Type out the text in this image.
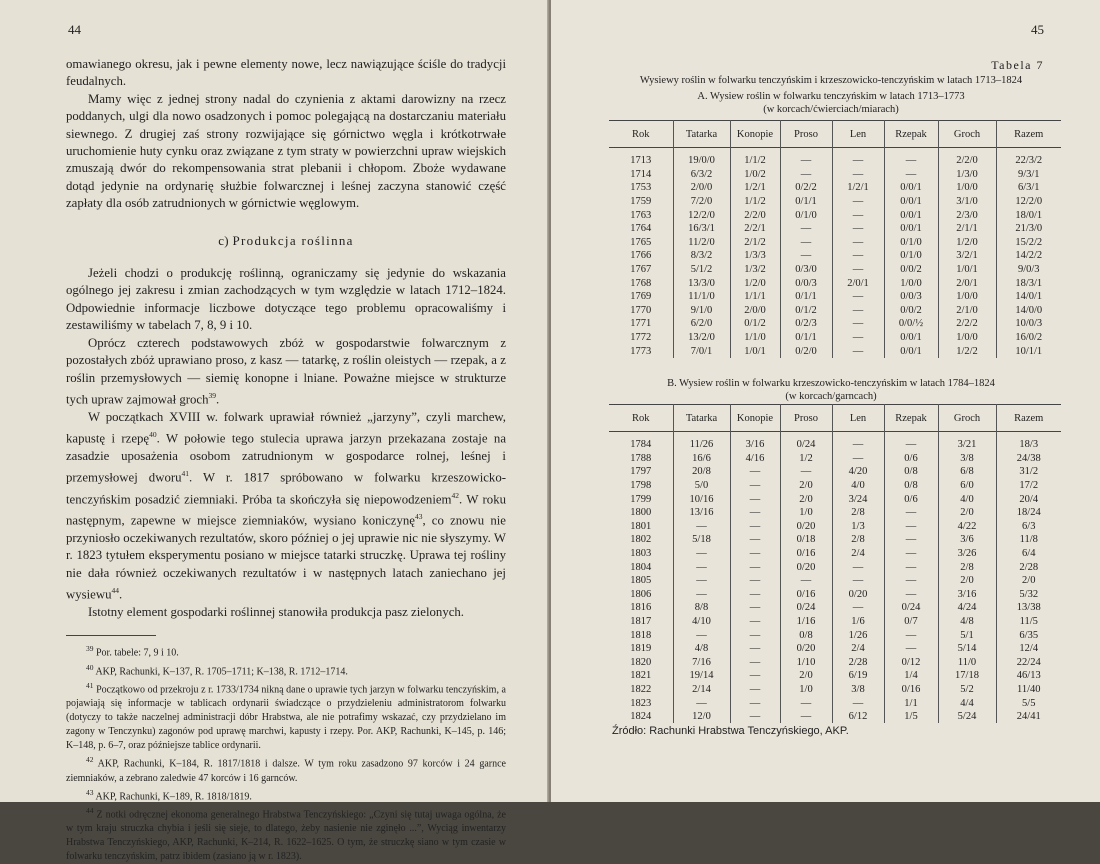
44

omawianego okresu, jak i pewne elementy nowe, lecz nawiązujące ściśle do tradycji feudalnych.

Mamy więc z jednej strony nadal do czynienia z aktami darowizny na rzecz poddanych, ulgi dla nowo osadzonych i pomoc polegającą na dostarczaniu materiału siewnego. Z drugiej zaś strony rozwijające się górnictwo węgla i krótkotrwałe uruchomienie huty cynku oraz związane z tym straty w powierzchni upraw wiejskich zmuszają dwór do rekompensowania strat plebanii i chłopom. Zboże wydawane dotąd jedynie na ordynarię służbie folwarcznej i leśnej zaczyna stanowić część zapłaty dla osób zatrudnionych w górnictwie węglowym.

c) Produkcja roślinna

Jeżeli chodzi o produkcję roślinną, ograniczamy się jedynie do wskazania ogólnego jej zakresu i zmian zachodzących w tym względzie w latach 1712–1824. Odpowiednie informacje liczbowe dotyczące tego problemu opracowaliśmy i zestawiliśmy w tabelach 7, 8, 9 i 10.

Oprócz czterech podstawowych zbóż w gospodarstwie folwarcznym z pozostałych zbóż uprawiano proso, z kasz — tatarkę, z roślin oleistych — rzepak, a z roślin przemysłowych — siemię konopne i lniane. Poważne miejsce w strukturze tych upraw zajmował groch$^{39}$.

W początkach XVIII w. folwark uprawiał również „jarzyny”, czyli marchew, kapustę i rzepę$^{40}$. W połowie tego stulecia uprawa jarzyn przekazana zostaje na zasadzie uposażenia osobom zatrudnionym w gospodarce rolnej, leśnej i przemysłowej dworu$^{41}$. W r. 1817 spróbowano w folwarku krzeszowicko-tenczyńskim posadzić ziemniaki. Próba ta skończyła się niepowodzeniem$^{42}$. W roku następnym, zapewne w miejsce ziemniaków, wysiano koniczynę$^{43}$, co znowu nie przyniosło oczekiwanych rezultatów, skoro później o jej uprawie nic nie słyszymy. W r. 1823 tytułem eksperymentu posiano w miejsce tatarki struczkę. Uprawa tej rośliny nie dała również oczekiwanych rezultatów i w następnych latach zaniechano jej wysiewu$^{44}$.

Istotny element gospodarki roślinnej stanowiła produkcja pasz zielonych.

$^{39}$ Por. tabele: 7, 9 i 10.
$^{40}$ AKP, Rachunki, K–137, R. 1705–1711; K–138, R. 1712–1714.
$^{41}$ Początkowo od przekroju z r. 1733/1734 nikną dane o uprawie tych jarzyn w folwarku tenczyńskim, a pojawiają się informacje w tablicach ordynarii świadczące o przydzieleniu administratorom folwarku (dotyczy to także naczelnej administracji dóbr Hrabstwa, ale nie potrafimy wskazać, czy przydzielano im zagony w Tenczynku) zagonów pod uprawę marchwi, kapusty i rzepy. Por. AKP, Rachunki, K–145, p. 146; K–148, p. 6–7, oraz późniejsze tablice ordynarii.
$^{42}$ AKP, Rachunki, K–184, R. 1817/1818 i dalsze. W tym roku zasadzono 97 korców i 24 garnce ziemniaków, a zebrano zaledwie 47 korców i 16 garnców.
$^{43}$ AKP, Rachunki, K–189, R. 1818/1819.
$^{44}$ Z notki odręcznej ekonoma generalnego Hrabstwa Tenczyńskiego: „Czyni się tutaj uwaga ogólna, że w tym kraju struczka chybia i jeśli się sieje, to dlatego, żeby nasienie nie zginęło ...”, Wyciąg inwentarzy Hrabstwa Tenczyńskiego, AKP, Rachunki, K–214, R. 1622–1625. O tym, że struczkę siano w tym czasie w folwarku tenczyńskim, patrz ibidem (zasiano ją w r. 1823).
45
Tabela 7
Wysiewy roślin w folwarku tenczyńskim i krzeszowicko-tenczyńskim w latach 1713–1824
A. Wysiew roślin w folwarku tenczyńskim w latach 1713–1773
(w korcach/ćwierciach/miarach)
Rok	Tatarka	Konopie	Proso	Len	Rzepak	Groch	Razem
1713	19/0/0	1/1/2	—	—	—	2/2/0	22/3/2
1714	6/3/2	1/0/2	—	—	—	1/3/0	9/3/1
1753	2/0/0	1/2/1	0/2/2	1/2/1	0/0/1	1/0/0	6/3/1
1759	7/2/0	1/1/2	0/1/1	—	0/0/1	3/1/0	12/2/0
1763	12/2/0	2/2/0	0/1/0	—	0/0/1	2/3/0	18/0/1
1764	16/3/1	2/2/1	—	—	0/0/1	2/1/1	21/3/0
1765	11/2/0	2/1/2	—	—	0/1/0	1/2/0	15/2/2
1766	8/3/2	1/3/3	—	—	0/1/0	3/2/1	14/2/2
1767	5/1/2	1/3/2	0/3/0	—	0/0/2	1/0/1	9/0/3
1768	13/3/0	1/2/0	0/0/3	2/0/1	1/0/0	2/0/1	18/3/1
1769	11/1/0	1/1/1	0/1/1	—	0/0/3	1/0/0	14/0/1
1770	9/1/0	2/0/0	0/1/2	—	0/0/2	2/1/0	14/0/0
1771	6/2/0	0/1/2	0/2/3	—	0/0/½	2/2/2	10/0/3
1772	13/2/0	1/1/0	0/1/1	—	0/0/1	1/0/0	16/0/2
1773	7/0/1	1/0/1	0/2/0	—	0/0/1	1/2/2	10/1/1
B. Wysiew roślin w folwarku krzeszowicko-tenczyńskim w latach 1784–1824
(w korcach/garncach)
Rok	Tatarka	Konopie	Proso	Len	Rzepak	Groch	Razem
1784	11/26	3/16	0/24	—	—	3/21	18/3
1788	16/6	4/16	1/2	—	0/6	3/8	24/38
1797	20/8	—	—	4/20	0/8	6/8	31/2
1798	5/0	—	2/0	4/0	0/8	6/0	17/2
1799	10/16	—	2/0	3/24	0/6	4/0	20/4
1800	13/16	—	1/0	2/8	—	2/0	18/24
1801	—	—	0/20	1/3	—	4/22	6/3
1802	5/18	—	0/18	2/8	—	3/6	11/8
1803	—	—	0/16	2/4	—	3/26	6/4
1804	—	—	0/20	—	—	2/8	2/28
1805	—	—	—	—	—	2/0	2/0
1806	—	—	0/16	0/20	—	3/16	5/32
1816	8/8	—	0/24	—	0/24	4/24	13/38
1817	4/10	—	1/16	1/6	0/7	4/8	11/5
1818	—	—	0/8	1/26	—	5/1	6/35
1819	4/8	—	0/20	2/4	—	5/14	12/4
1820	7/16	—	1/10	2/28	0/12	11/0	22/24
1821	19/14	—	2/0	6/19	1/4	17/18	46/13
1822	2/14	—	1/0	3/8	0/16	5/2	11/40
1823	—	—	—	—	1/1	4/4	5/5
1824	12/0	—	—	6/12	1/5	5/24	24/41
Źródło: Rachunki Hrabstwa Tenczyńskiego, AKP.
